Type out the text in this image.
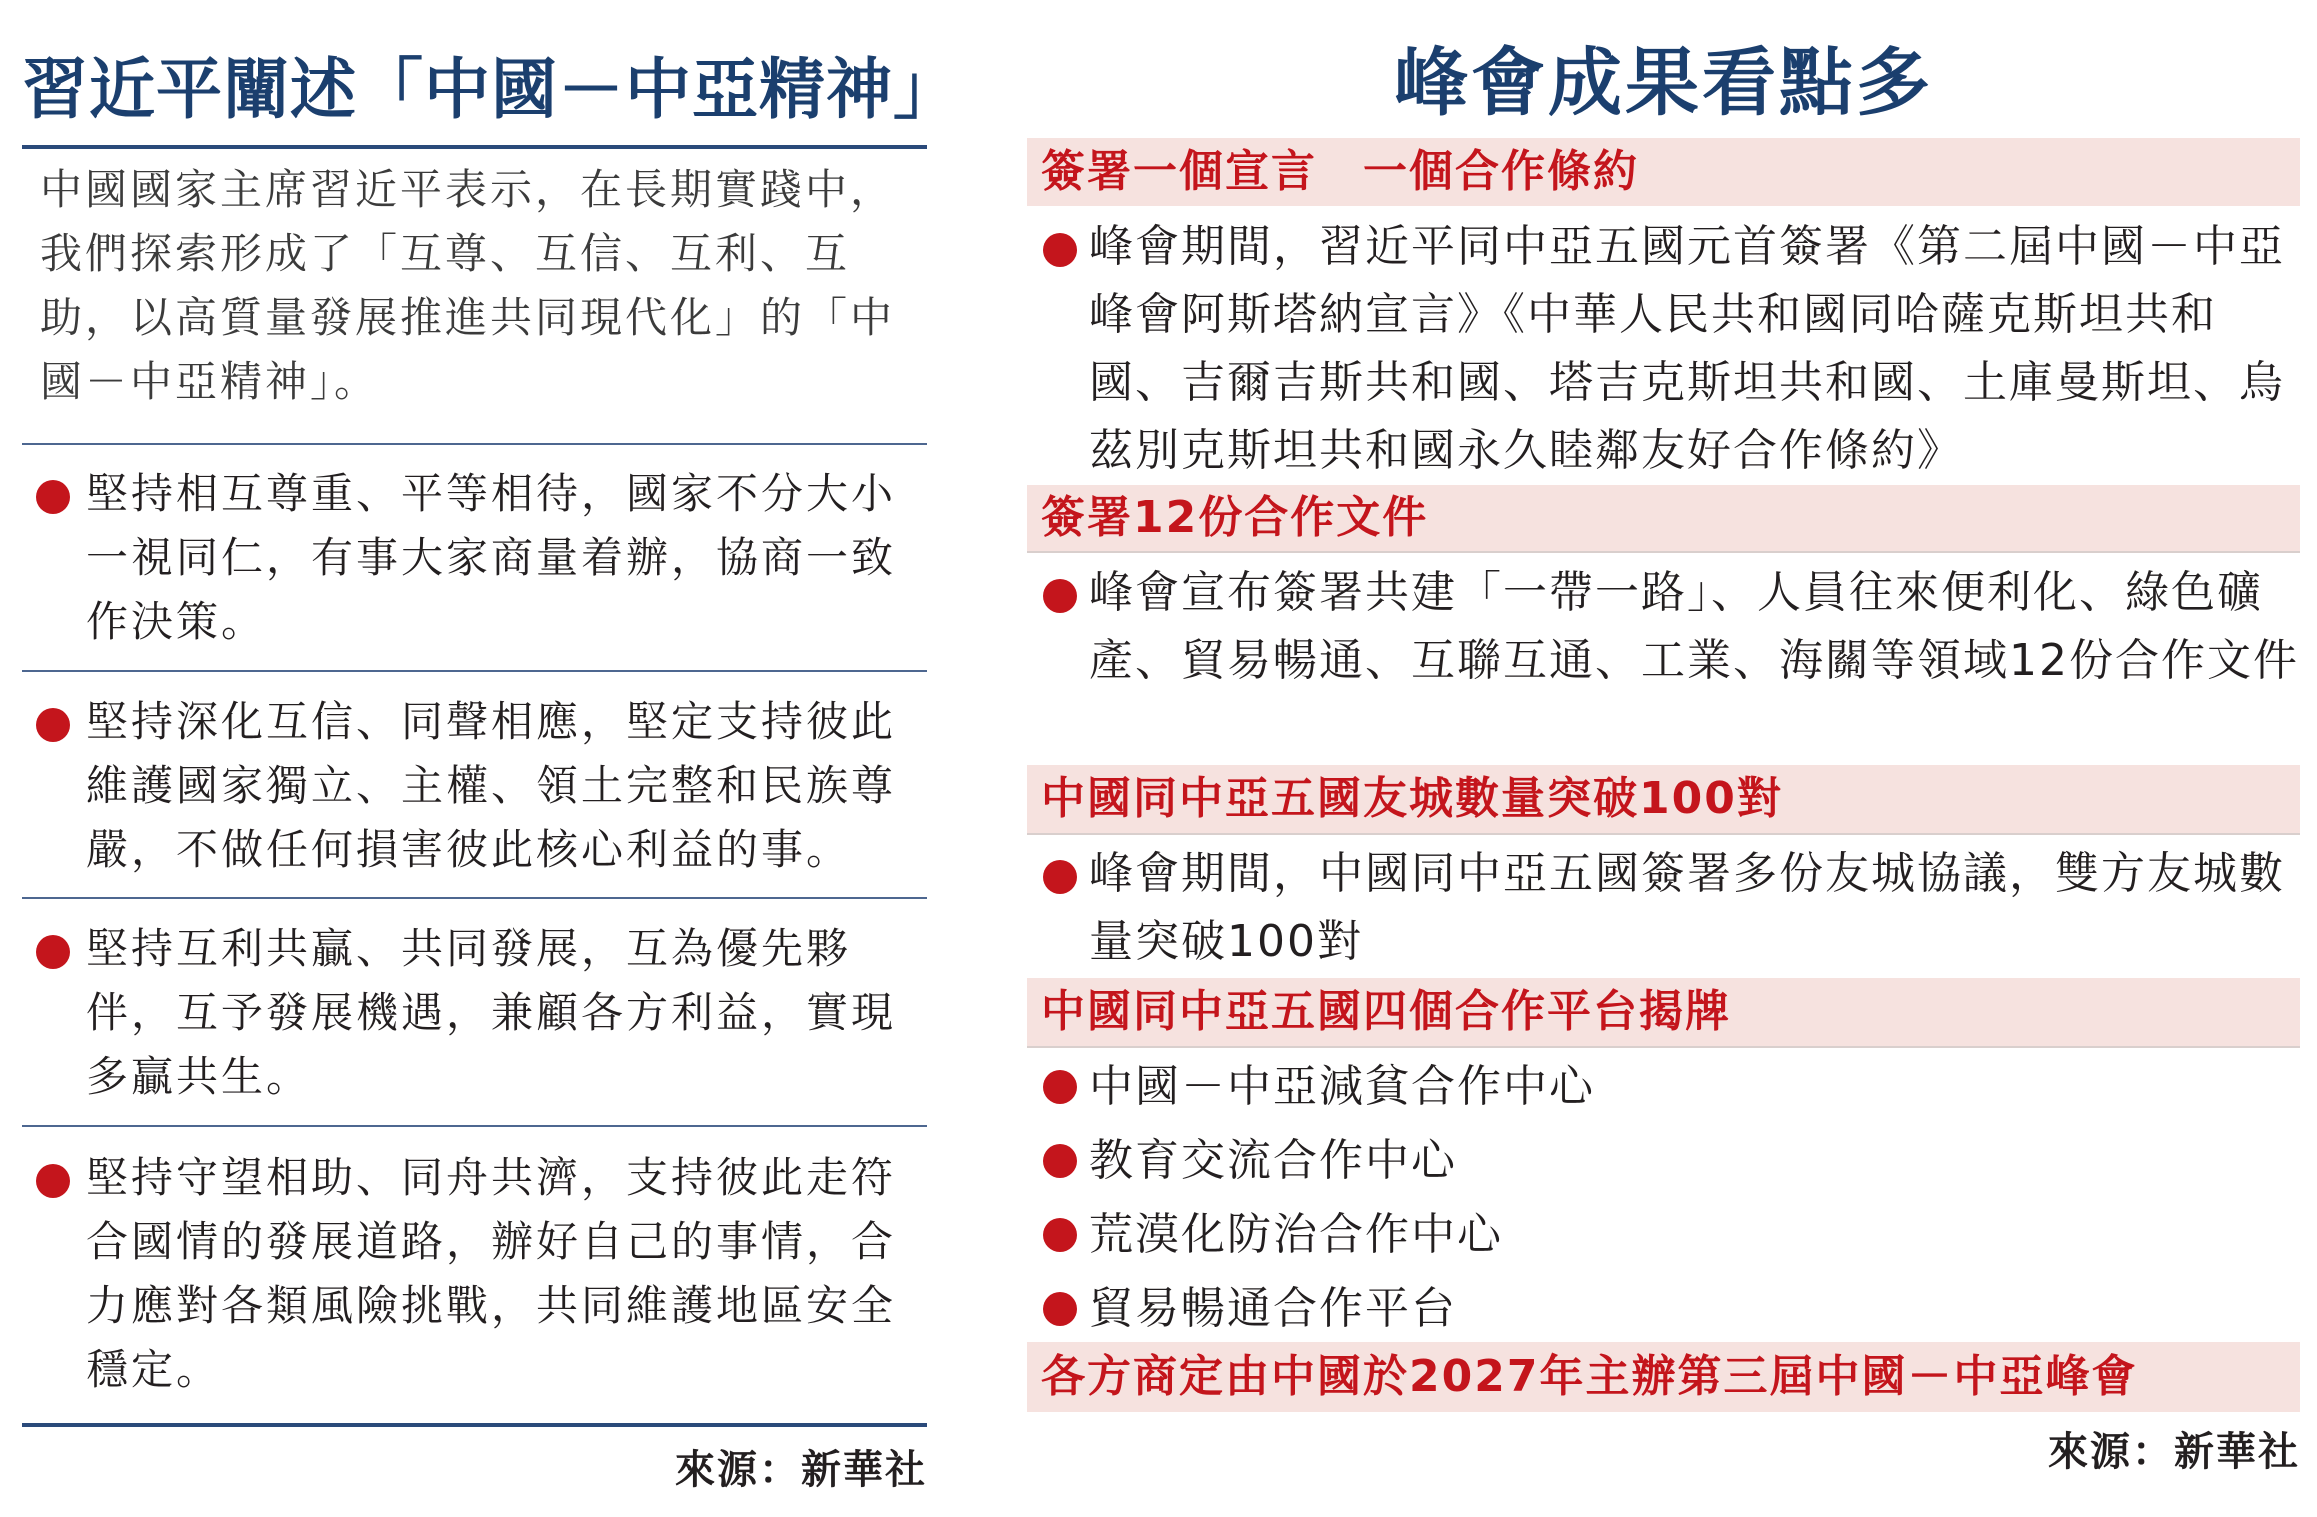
習近平闡述「中國－中亞精神」
中國國家主席習近平表示，在長期實踐中，我們探索形成了「互尊、互信、互利、互助，以高質量發展推進共同現代化」的「中國－中亞精神」。
堅持相互尊重、平等相待，國家不分大小一視同仁，有事大家商量着辦，協商一致作決策。
堅持深化互信、同聲相應，堅定支持彼此維護國家獨立、主權、領土完整和民族尊嚴，不做任何損害彼此核心利益的事。
堅持互利共贏、共同發展，互為優先夥伴，互予發展機遇，兼顧各方利益，實現多贏共生。
堅持守望相助、同舟共濟，支持彼此走符合國情的發展道路，辦好自己的事情，合力應對各類風險挑戰，共同維護地區安全穩定。
來源：新華社
峰會成果看點多
簽署一個宣言　一個合作條約
峰會期間，習近平同中亞五國元首簽署《第二屆中國－中亞峰會阿斯塔納宣言》《中華人民共和國同哈薩克斯坦共和國、吉爾吉斯共和國、塔吉克斯坦共和國、土庫曼斯坦、烏茲別克斯坦共和國永久睦鄰友好合作條約》
簽署12份合作文件
峰會宣布簽署共建「一帶一路」、人員往來便利化、綠色礦產、貿易暢通、互聯互通、工業、海關等領域12份合作文件
中國同中亞五國友城數量突破100對
峰會期間，中國同中亞五國簽署多份友城協議，雙方友城數量突破100對
中國同中亞五國四個合作平台揭牌
中國－中亞減貧合作中心
教育交流合作中心
荒漠化防治合作中心
貿易暢通合作平台
各方商定由中國於2027年主辦第三屆中國－中亞峰會
來源：新華社
